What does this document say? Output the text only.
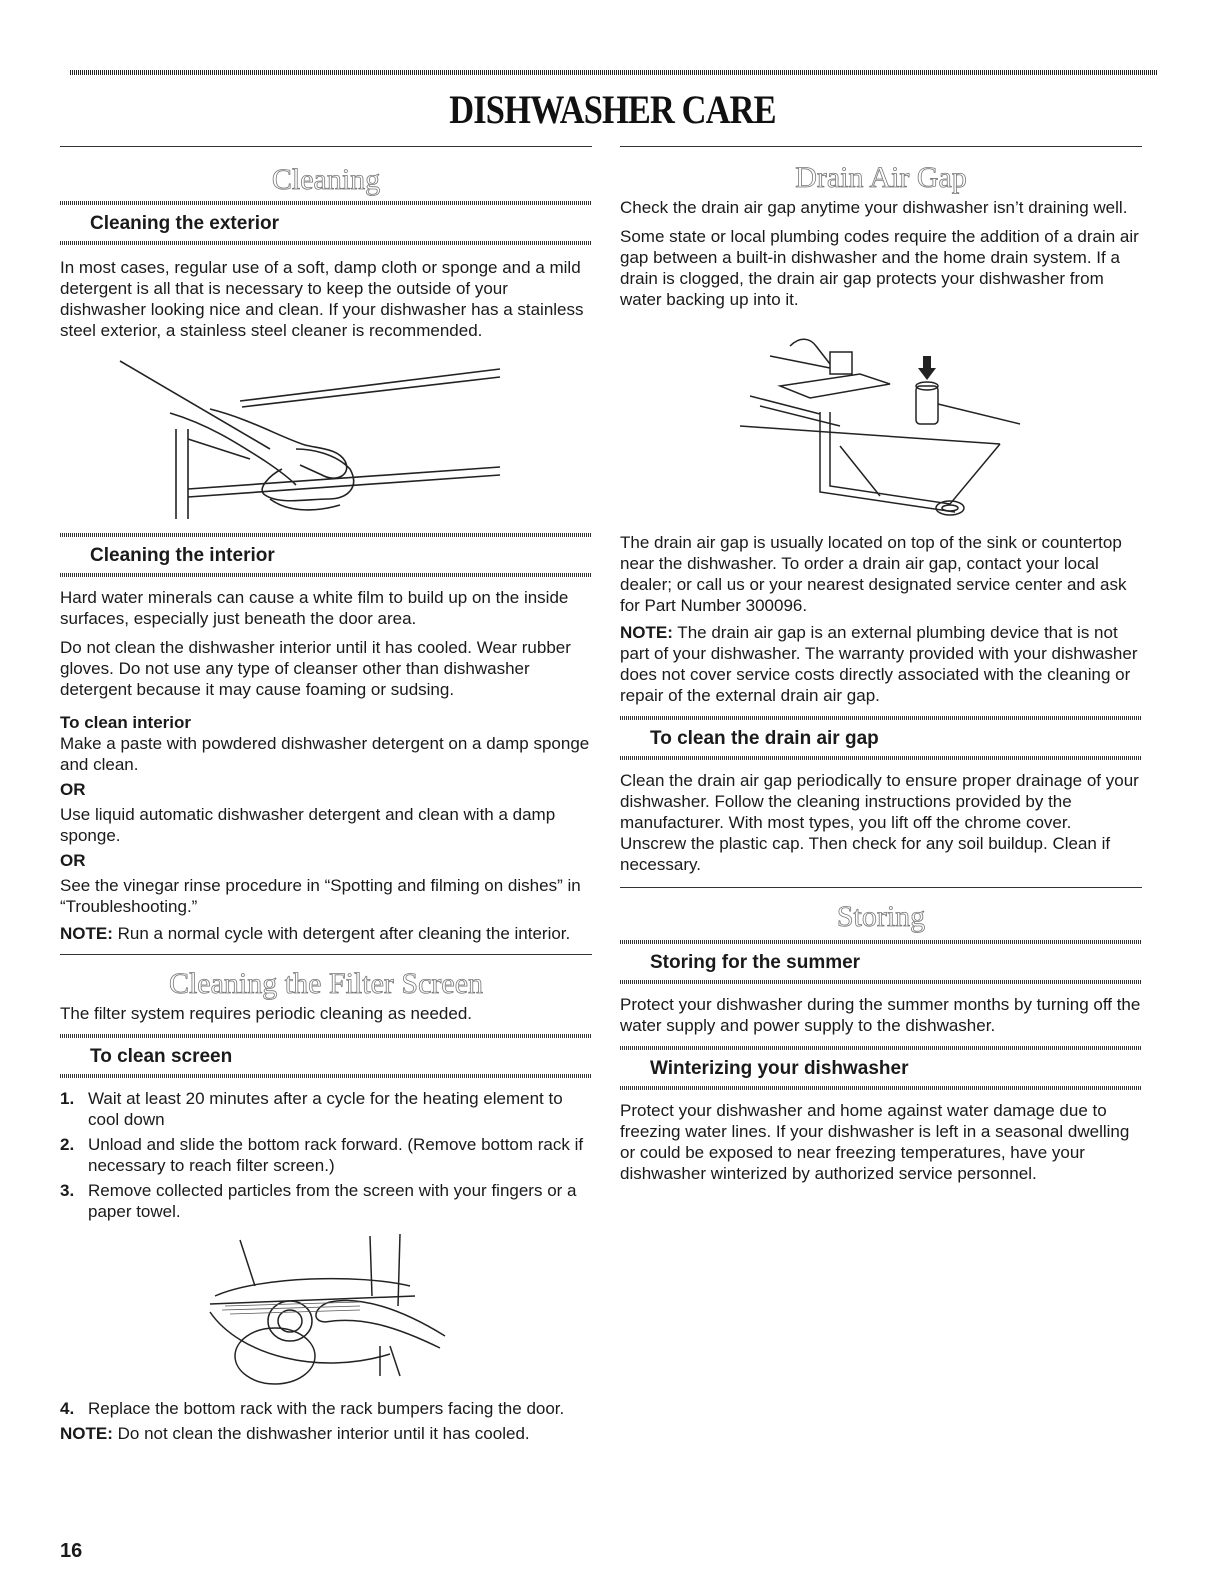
DISHWASHER CARE
Cleaning
Cleaning the exterior

In most cases, regular use of a soft, damp cloth or sponge and a mild detergent is all that is necessary to keep the outside of your dishwasher looking nice and clean. If your dishwasher has a stainless steel exterior, a stainless steel cleaner is recommended.

Cleaning the interior

Hard water minerals can cause a white film to build up on the inside surfaces, especially just beneath the door area.

Do not clean the dishwasher interior until it has cooled. Wear rubber gloves. Do not use any type of cleanser other than dishwasher detergent because it may cause foaming or sudsing.

To clean interior

Make a paste with powdered dishwasher detergent on a damp sponge and clean.

OR

Use liquid automatic dishwasher detergent and clean with a damp sponge.

OR

See the vinegar rinse procedure in “Spotting and filming on dishes” in “Troubleshooting.”

NOTE: Run a normal cycle with detergent after cleaning the interior.

Cleaning the Filter Screen

The filter system requires periodic cleaning as needed.

To clean screen
1. Wait at least 20 minutes after a cycle for the heating element to cool down
2. Unload and slide the bottom rack forward. (Remove bottom rack if necessary to reach filter screen.)
3. Remove collected particles from the screen with your fingers or a paper towel.
4. Replace the bottom rack with the rack bumpers facing the door.

NOTE: Do not clean the dishwasher interior until it has cooled.

Drain Air Gap

Check the drain air gap anytime your dishwasher isn’t draining well.

Some state or local plumbing codes require the addition of a drain air gap between a built-in dishwasher and the home drain system. If a drain is clogged, the drain air gap protects your dishwasher from water backing up into it.

The drain air gap is usually located on top of the sink or countertop near the dishwasher. To order a drain air gap, contact your local dealer; or call us or your nearest designated service center and ask for Part Number 300096.

NOTE: The drain air gap is an external plumbing device that is not part of your dishwasher. The warranty provided with your dishwasher does not cover service costs directly associated with the cleaning or repair of the external drain air gap.

To clean the drain air gap

Clean the drain air gap periodically to ensure proper drainage of your dishwasher. Follow the cleaning instructions provided by the manufacturer. With most types, you lift off the chrome cover. Unscrew the plastic cap. Then check for any soil buildup. Clean if necessary.

Storing
Storing for the summer

Protect your dishwasher during the summer months by turning off the water supply and power supply to the dishwasher.

Winterizing your dishwasher

Protect your dishwasher and home against water damage due to freezing water lines. If your dishwasher is left in a seasonal dwelling or could be exposed to near freezing temperatures, have your dishwasher winterized by authorized service personnel.

16
